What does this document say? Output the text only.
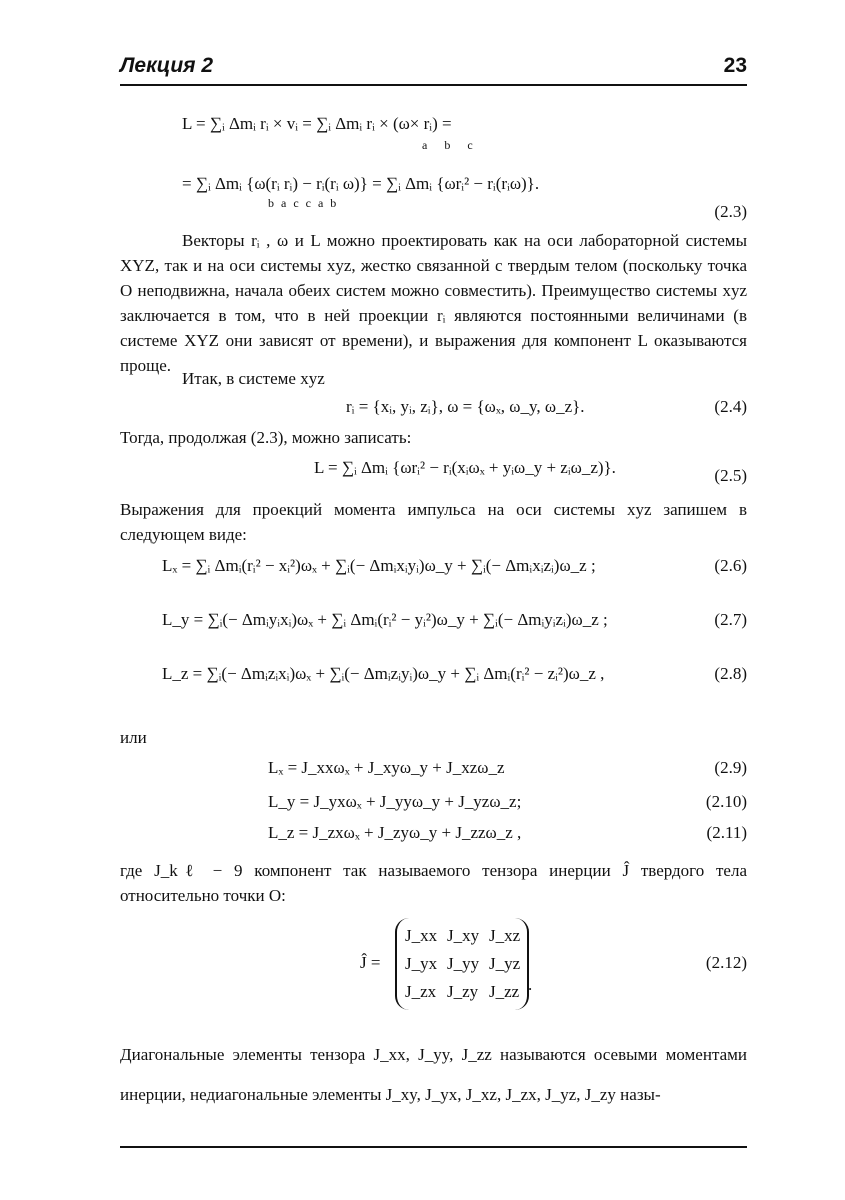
Лекция 2	23
L = ∑ᵢ Δmᵢ rᵢ × vᵢ = ∑ᵢ Δmᵢ rᵢ × (ω× rᵢ) =
a b c
= ∑ᵢ Δmᵢ {ω(rᵢ rᵢ) − rᵢ(rᵢ ω)} = ∑ᵢ Δmᵢ {ωrᵢ² − rᵢ(rᵢω)}.
b a c c a b	(2.3)

Векторы rᵢ , ω и L можно проектировать как на оси лабораторной системы XYZ, так и на оси системы xyz, жестко связанной с твердым телом (поскольку точка O неподвижна, начала обеих систем можно совместить). Преимущество системы xyz заключается в том, что в ней проекции rᵢ являются постоянными величинами (в системе XYZ они зависят от времени), и выражения для компонент L оказываются проще.

Итак, в системе xyz

rᵢ = {xᵢ, yᵢ, zᵢ}, ω = {ωₓ, ω_y, ω_z}.	(2.4)

Тогда, продолжая (2.3), можно записать:

L = ∑ᵢ Δmᵢ {ωrᵢ² − rᵢ(xᵢωₓ + yᵢω_y + zᵢω_z)}.	(2.5)

Выражения для проекций момента импульса на оси системы xyz запишем в следующем виде:

Lₓ = ∑ᵢ Δmᵢ(rᵢ² − xᵢ²)ωₓ + ∑ᵢ(− Δmᵢxᵢyᵢ)ω_y + ∑ᵢ(− Δmᵢxᵢzᵢ)ω_z ;	(2.6)
L_y = ∑ᵢ(− Δmᵢyᵢxᵢ)ωₓ + ∑ᵢ Δmᵢ(rᵢ² − yᵢ²)ω_y + ∑ᵢ(− Δmᵢyᵢzᵢ)ω_z ;	(2.7)
L_z = ∑ᵢ(− Δmᵢzᵢxᵢ)ωₓ + ∑ᵢ(− Δmᵢzᵢyᵢ)ω_y + ∑ᵢ Δmᵢ(rᵢ² − zᵢ²)ω_z ,	(2.8)

или

Lₓ = J_xxωₓ + J_xyω_y + J_xzω_z	(2.9)
L_y = J_yxωₓ + J_yyω_y + J_yzω_z;	(2.10)
L_z = J_zxωₓ + J_zyω_y + J_zzω_z ,	(2.11)

где J_kℓ − 9 компонент так называемого тензора инерции Ĵ твердого тела относительно точки O:

Ĵ =
J_xx J_xy J_xz
J_yx J_yy J_yz
J_zx J_zy J_zz .
(2.12)

Диагональные элементы тензора J_xx, J_yy, J_zz называются осевыми моментами инерции, недиагональные элементы J_xy, J_yx, J_xz, J_zx, J_yz, J_zy назы-
